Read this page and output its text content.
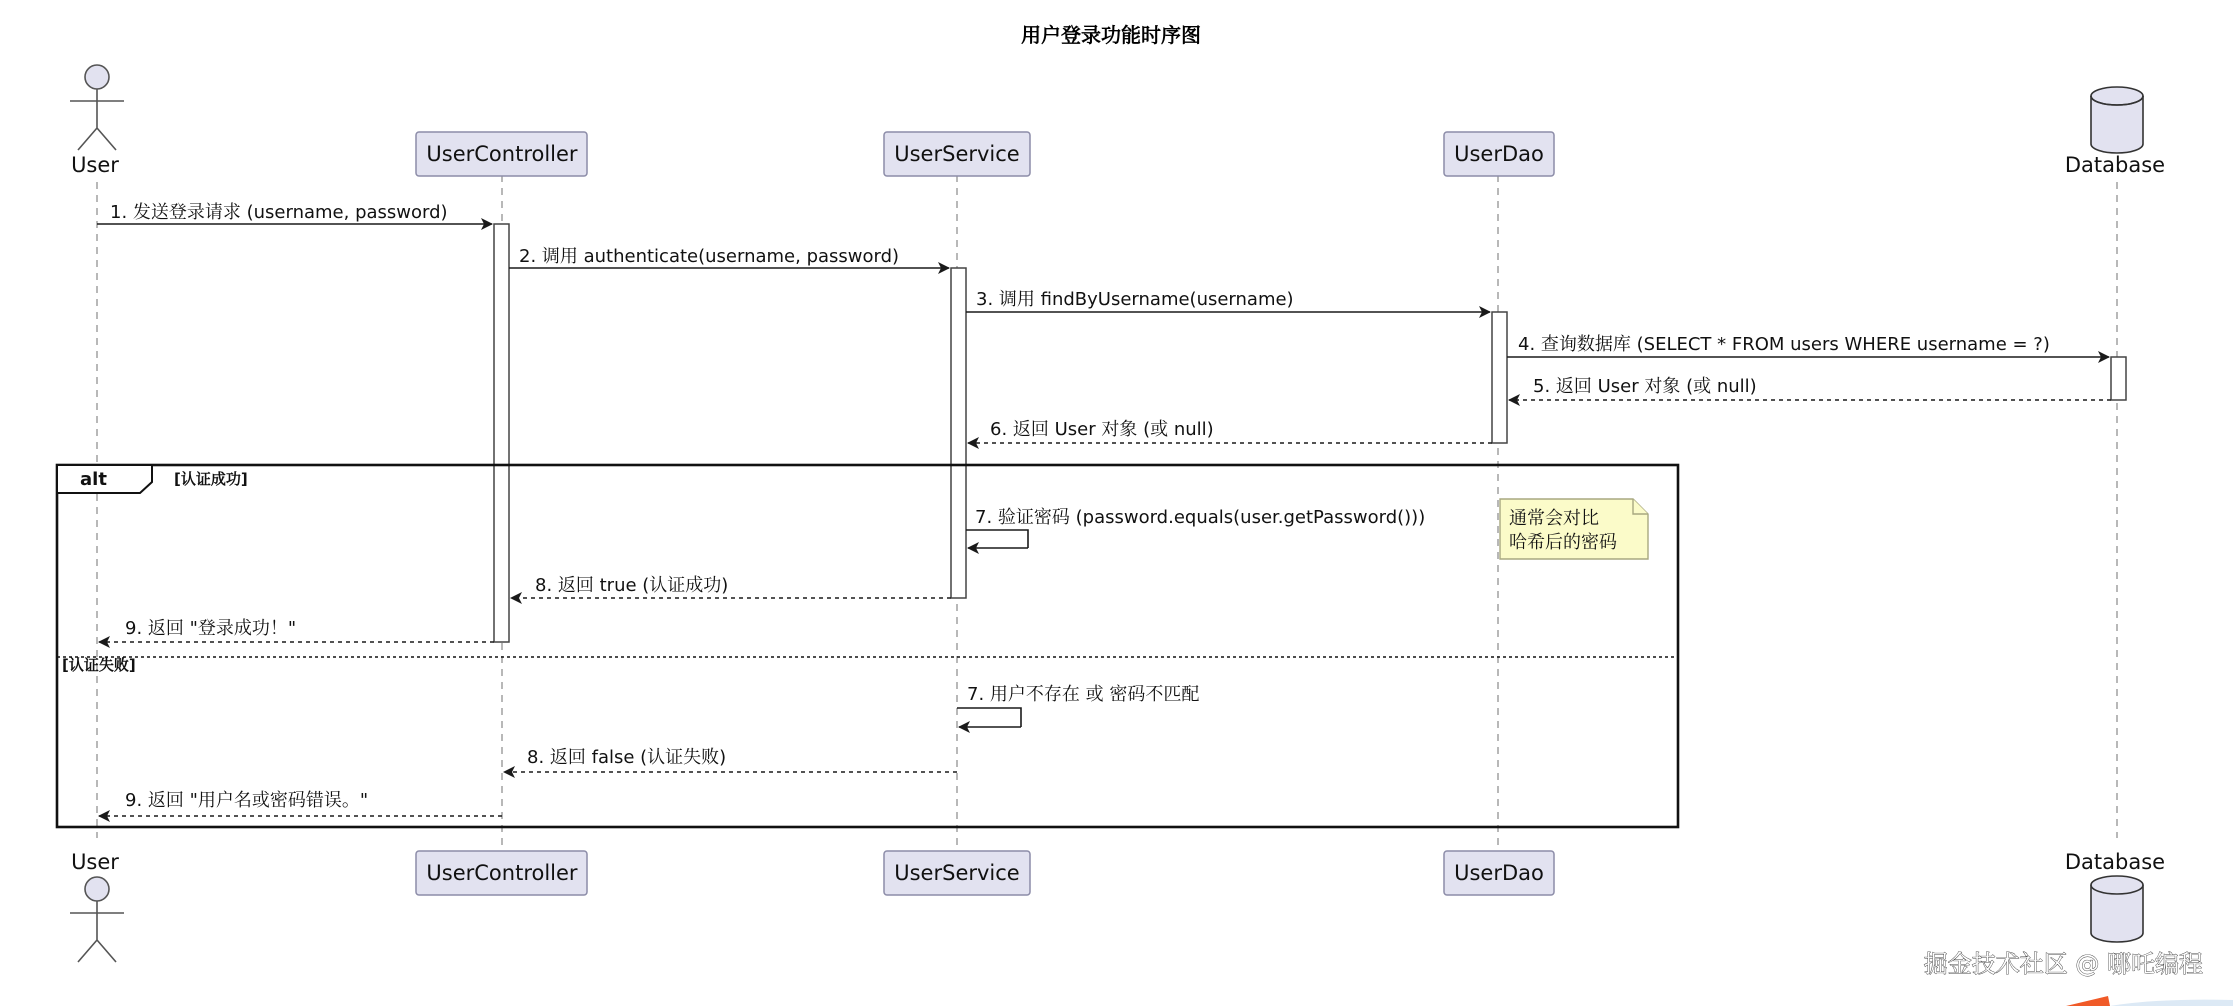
用户登录功能时序图
User	UserController	UserService	UserDao	Database
alt	[认证成功]
[认证失败]
1. 发送登录请求 (username, password)
2. 调用 authenticate(username, password)
3. 调用 findByUsername(username)
4. 查询数据库 (SELECT * FROM users WHERE username = ?)
5. 返回 User 对象 (或 null)
6. 返回 User 对象 (或 null)
7. 验证密码 (password.equals(user.getPassword()))
8. 返回 true (认证成功)
9. 返回 "登录成功！"
7. 用户不存在 或 密码不匹配
8. 返回 false (认证失败)
9. 返回 "用户名或密码错误。"
通常会对比
哈希后的密码
User	UserController	UserService	UserDao	Database
掘金技术社区 @ 哪吒编程
